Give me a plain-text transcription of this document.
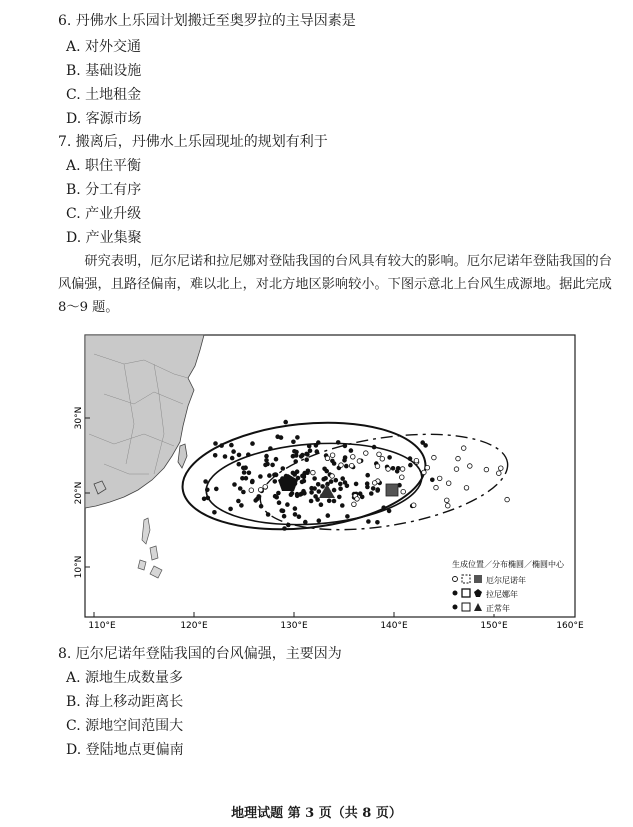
6. 丹佛水上乐园计划搬迁至奥罗拉的主导因素是
A. 对外交通
B. 基础设施
C. 土地租金
D. 客源市场
7. 搬离后，丹佛水上乐园现址的规划有利于
A. 职住平衡
B. 分工有序
C. 产业升级
D. 产业集聚

研究表明，厄尔尼诺和拉尼娜对登陆我国的台风具有较大的影响。厄尔尼诺年登陆我国的台风偏强，且路径偏南，难以北上，对北方地区影响较小。下图示意北上台风生成源地。据此完成 8～9 题。

110°E	120°E	130°E	140°E	150°E	160°E
30°N
20°N
10°N	生成位置／分布椭圆／椭圆中心
厄尔尼诺年
拉尼娜年
正常年
8. 厄尔尼诺年登陆我国的台风偏强，主要因为
A. 源地生成数量多
B. 海上移动距离长
C. 源地空间范围大
D. 登陆地点更偏南
地理试题 第 3 页（共 8 页）
